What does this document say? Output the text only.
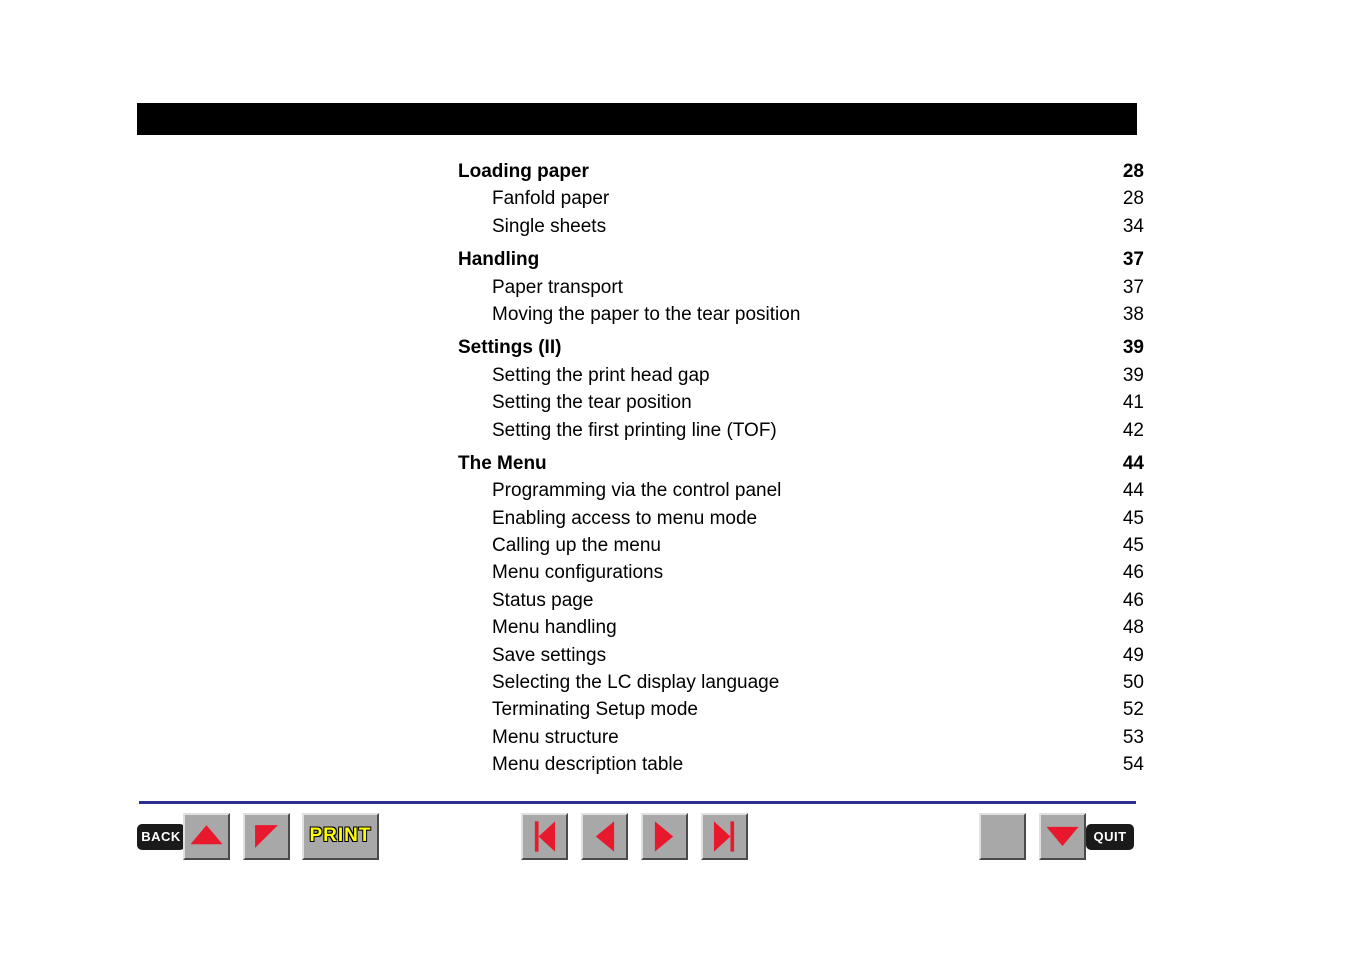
Loading paper	28
Fanfold paper	28
Single sheets	34
Handling	37
Paper transport	37
Moving the paper to the tear position	38
Settings (II)	39
Setting the print head gap	39
Setting the tear position	41
Setting the first printing line (TOF)	42
The Menu	44
Programming via the control panel	44
Enabling access to menu mode	45
Calling up the menu	45
Menu configurations	46
Status page	46
Menu handling	48
Save settings	49
Selecting the LC display language	50
Terminating Setup mode	52
Menu structure	53
Menu description table	54
BACK	PRINT	QUIT
